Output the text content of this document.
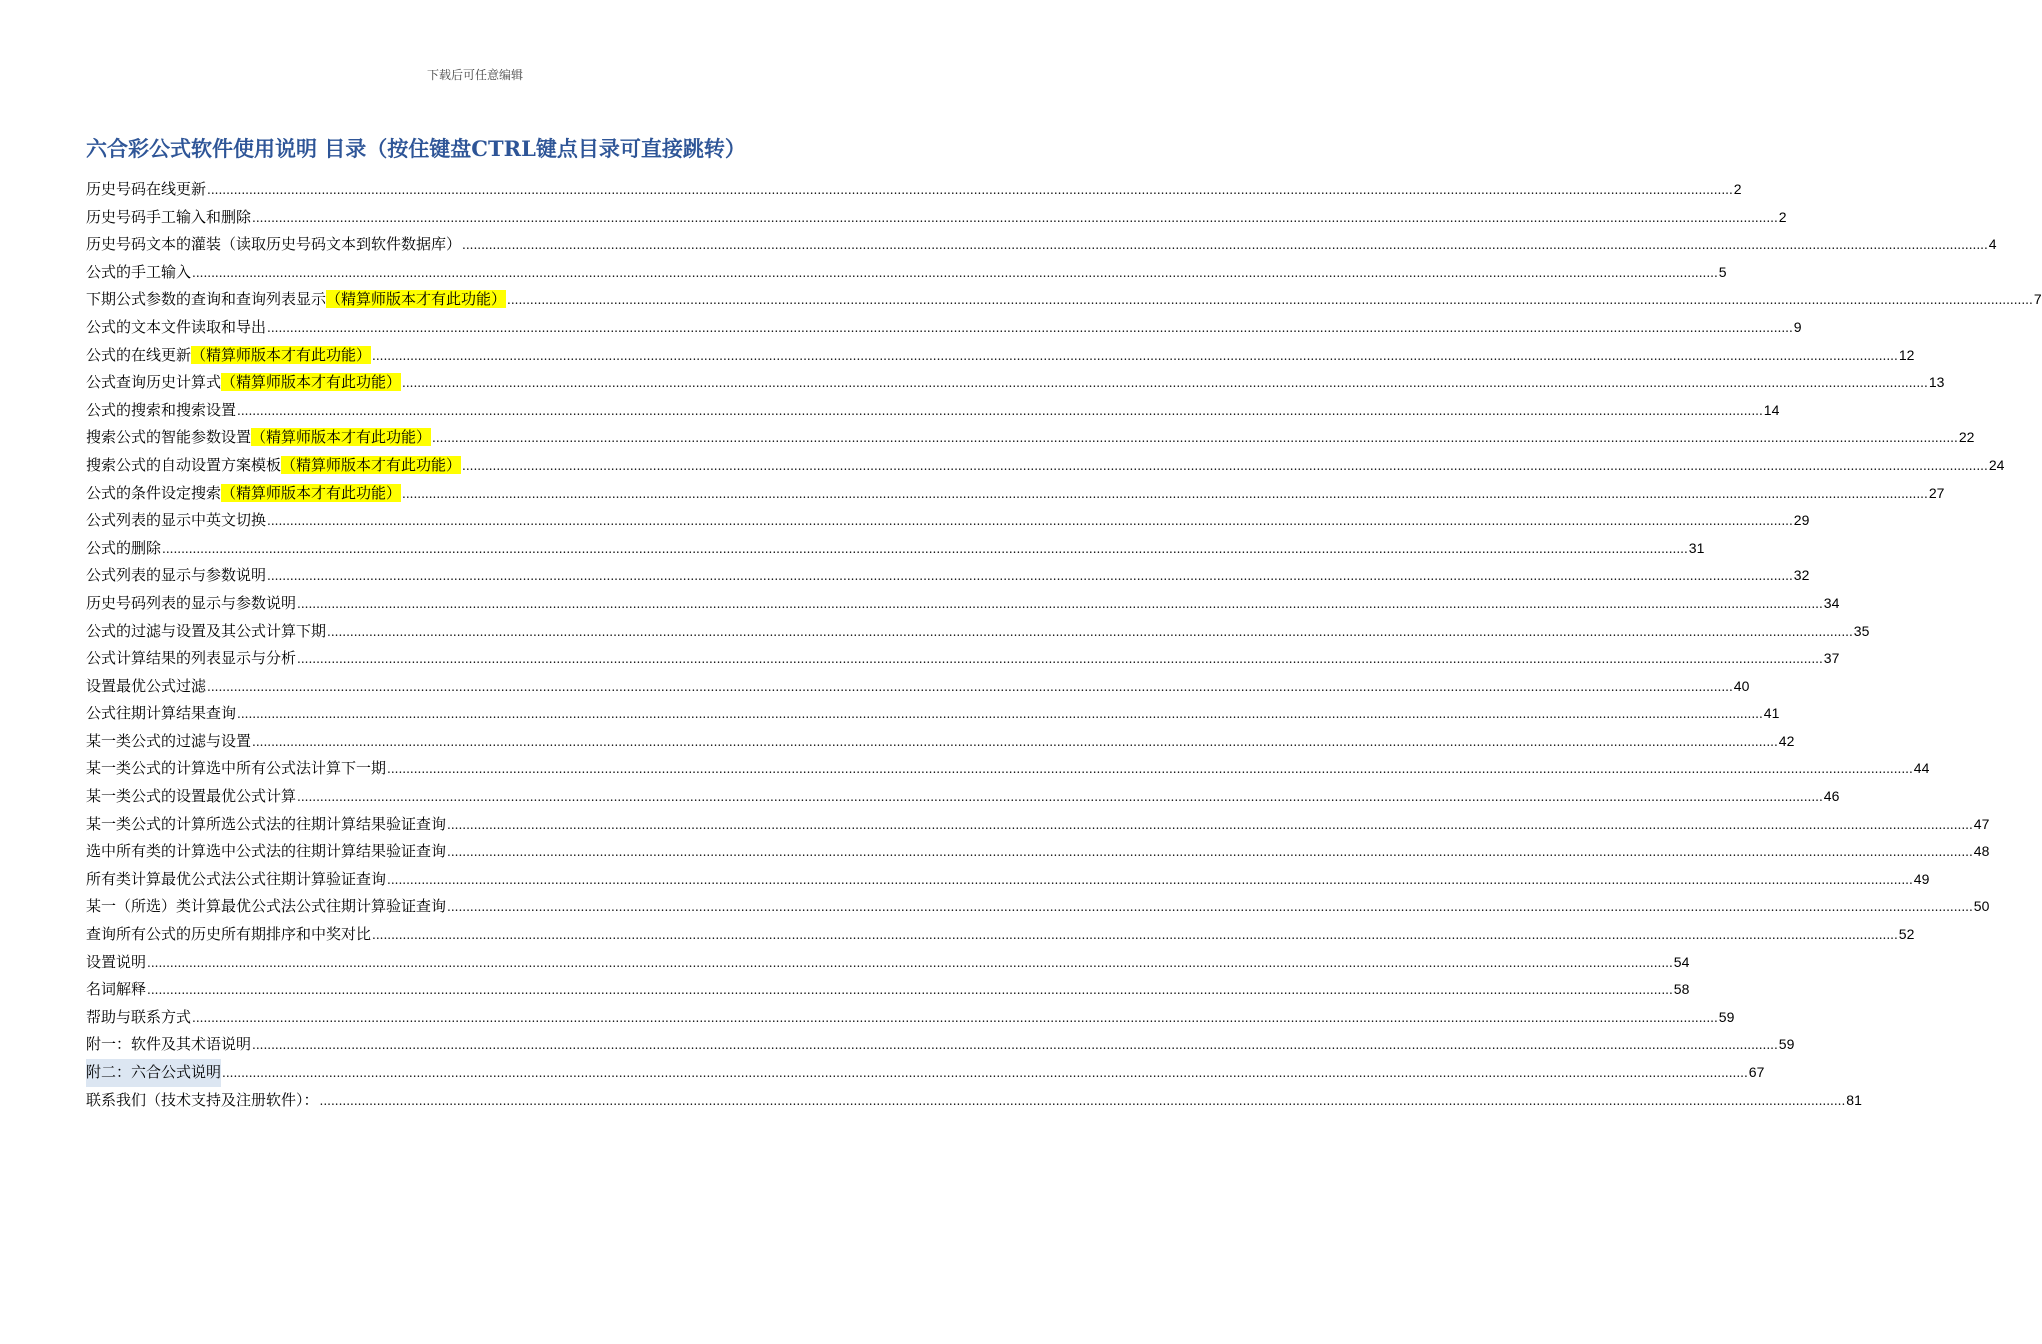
下载后可任意编辑
六合彩公式软件使用说明 目录（按住键盘CTRL键点目录可直接跳转）
历史号码在线更新 ................................................................................................................................................................................................................................................................................................................................................................................................................ 2
历史号码手工输入和删除 ................................................................................................................................................................................................................................................................................................................................................................................................................ 2
历史号码文本的灌装（读取历史号码文本到软件数据库） ................................................................................................................................................................................................................................................................................................................................................................................................................ 4
公式的手工输入 ................................................................................................................................................................................................................................................................................................................................................................................................................ 5
下期公式参数的查询和查询列表显示（精算师版本才有此功能） ................................................................................................................................................................................................................................................................................................................................................................................................................ 7
公式的文本文件读取和导出 ................................................................................................................................................................................................................................................................................................................................................................................................................ 9
公式的在线更新（精算师版本才有此功能） ................................................................................................................................................................................................................................................................................................................................................................................................................ 12
公式查询历史计算式（精算师版本才有此功能） ................................................................................................................................................................................................................................................................................................................................................................................................................ 13
公式的搜索和搜索设置 ................................................................................................................................................................................................................................................................................................................................................................................................................ 14
搜索公式的智能参数设置（精算师版本才有此功能） ................................................................................................................................................................................................................................................................................................................................................................................................................ 22
搜索公式的自动设置方案模板（精算师版本才有此功能） ................................................................................................................................................................................................................................................................................................................................................................................................................ 24
公式的条件设定搜索（精算师版本才有此功能） ................................................................................................................................................................................................................................................................................................................................................................................................................ 27
公式列表的显示中英文切换 ................................................................................................................................................................................................................................................................................................................................................................................................................ 29
公式的删除 ................................................................................................................................................................................................................................................................................................................................................................................................................ 31
公式列表的显示与参数说明 ................................................................................................................................................................................................................................................................................................................................................................................................................ 32
历史号码列表的显示与参数说明 ................................................................................................................................................................................................................................................................................................................................................................................................................ 34
公式的过滤与设置及其公式计算下期 ................................................................................................................................................................................................................................................................................................................................................................................................................ 35
公式计算结果的列表显示与分析 ................................................................................................................................................................................................................................................................................................................................................................................................................ 37
设置最优公式过滤 ................................................................................................................................................................................................................................................................................................................................................................................................................ 40
公式往期计算结果查询 ................................................................................................................................................................................................................................................................................................................................................................................................................ 41
某一类公式的过滤与设置 ................................................................................................................................................................................................................................................................................................................................................................................................................ 42
某一类公式的计算选中所有公式法计算下一期 ................................................................................................................................................................................................................................................................................................................................................................................................................ 44
某一类公式的设置最优公式计算 ................................................................................................................................................................................................................................................................................................................................................................................................................ 46
某一类公式的计算所选公式法的往期计算结果验证查询 ................................................................................................................................................................................................................................................................................................................................................................................................................ 47
选中所有类的计算选中公式法的往期计算结果验证查询 ................................................................................................................................................................................................................................................................................................................................................................................................................ 48
所有类计算最优公式法公式往期计算验证查询 ................................................................................................................................................................................................................................................................................................................................................................................................................ 49
某一（所选）类计算最优公式法公式往期计算验证查询 ................................................................................................................................................................................................................................................................................................................................................................................................................ 50
查询所有公式的历史所有期排序和中奖对比 ................................................................................................................................................................................................................................................................................................................................................................................................................ 52
设置说明 ................................................................................................................................................................................................................................................................................................................................................................................................................ 54
名词解释 ................................................................................................................................................................................................................................................................................................................................................................................................................ 58
帮助与联系方式 ................................................................................................................................................................................................................................................................................................................................................................................................................ 59
附一：软件及其术语说明 ................................................................................................................................................................................................................................................................................................................................................................................................................ 59
附二：六合公式说明 ................................................................................................................................................................................................................................................................................................................................................................................................................ 67
联系我们（技术支持及注册软件）： ................................................................................................................................................................................................................................................................................................................................................................................................................ 81
